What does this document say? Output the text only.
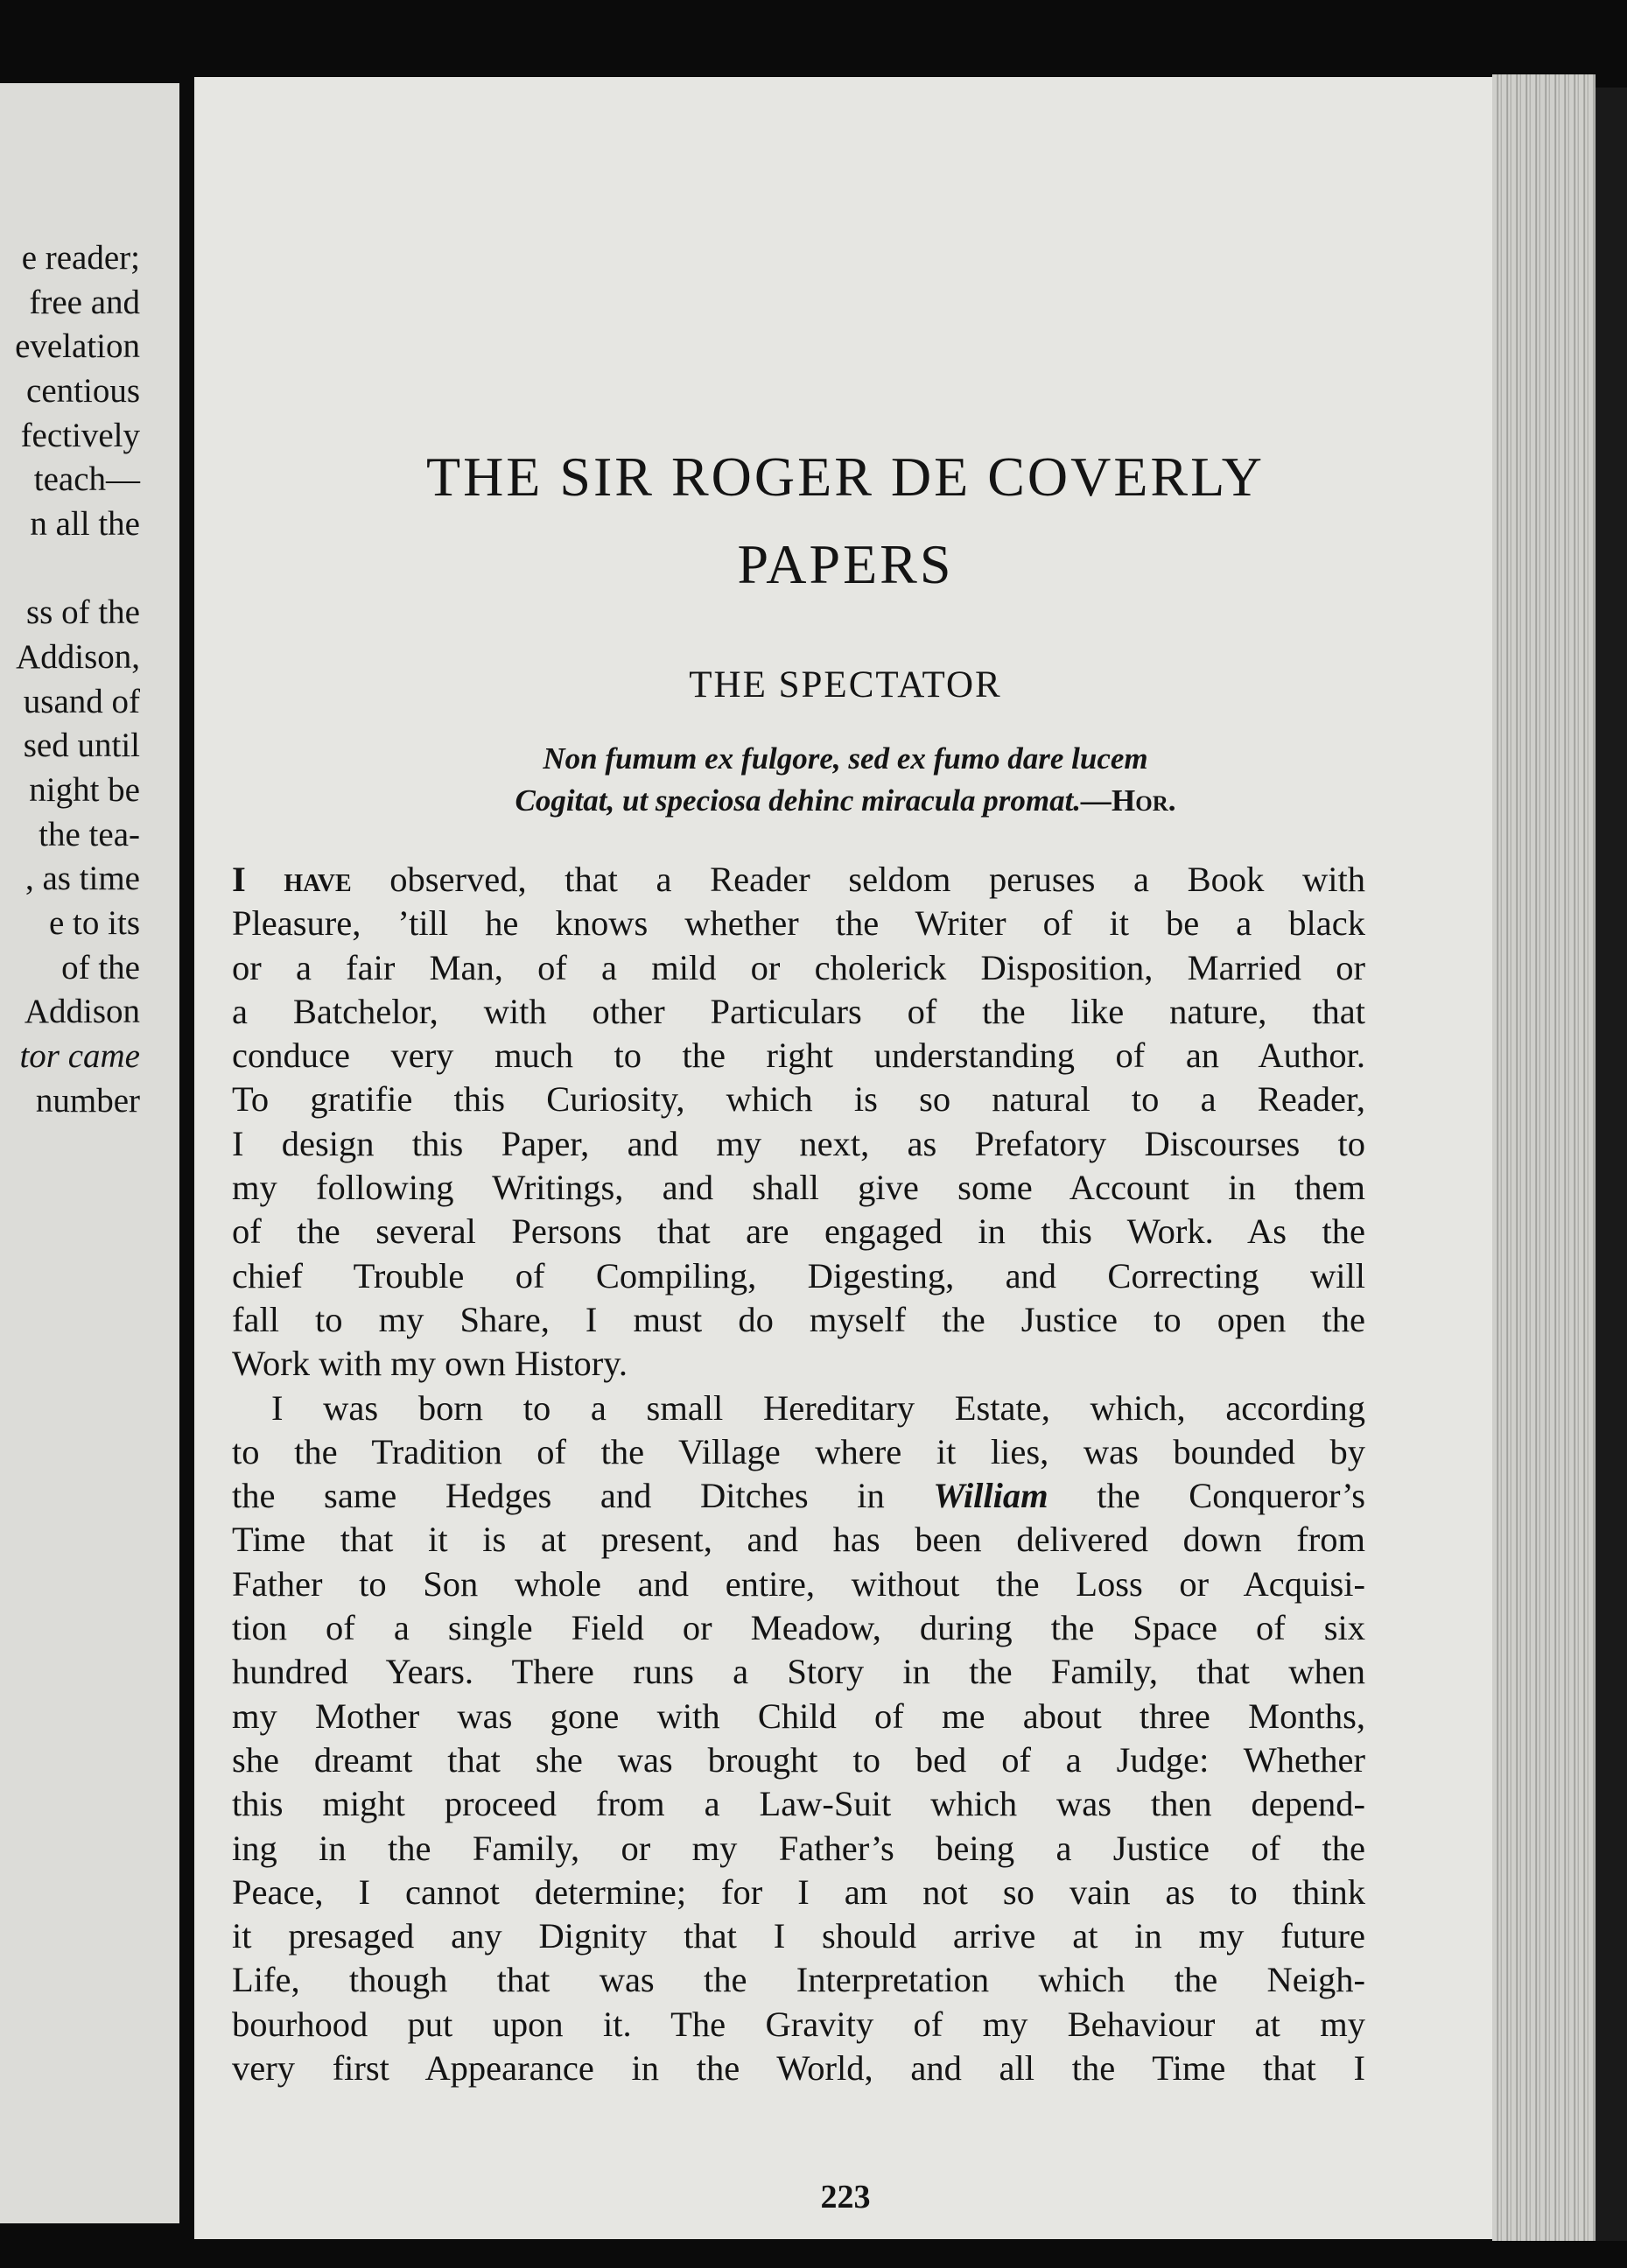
e reader;
free and
evelation
centious
fectively
teach—
n all the
ss of the
Addison,
usand of
sed until
night be
the tea-
, as time
e to its
of the
Addison
tor came
number
THE SIR ROGER DE COVERLY
PAPERS
THE SPECTATOR
Non fumum ex fulgore, sed ex fumo dare lucem
Cogitat, ut speciosa dehinc miracula promat.—Hor.
I have observed, that a Reader seldom peruses a Book with
Pleasure, ’till he knows whether the Writer of it be a black
or a fair Man, of a mild or cholerick Disposition, Married or
a Batchelor, with other Particulars of the like nature, that
conduce very much to the right understanding of an Author.
To gratifie this Curiosity, which is so natural to a Reader,
I design this Paper, and my next, as Prefatory Discourses to
my following Writings, and shall give some Account in them
of the several Persons that are engaged in this Work. As the
chief Trouble of Compiling, Digesting, and Correcting will
fall to my Share, I must do myself the Justice to open the
Work with my own History.
I was born to a small Hereditary Estate, which, according
to the Tradition of the Village where it lies, was bounded by
the same Hedges and Ditches in William the Conqueror’s
Time that it is at present, and has been delivered down from
Father to Son whole and entire, without the Loss or Acquisi-
tion of a single Field or Meadow, during the Space of six
hundred Years. There runs a Story in the Family, that when
my Mother was gone with Child of me about three Months,
she dreamt that she was brought to bed of a Judge: Whether
this might proceed from a Law-Suit which was then depend-
ing in the Family, or my Father’s being a Justice of the
Peace, I cannot determine; for I am not so vain as to think
it presaged any Dignity that I should arrive at in my future
Life, though that was the Interpretation which the Neigh-
bourhood put upon it. The Gravity of my Behaviour at my
very first Appearance in the World, and all the Time that I
223
